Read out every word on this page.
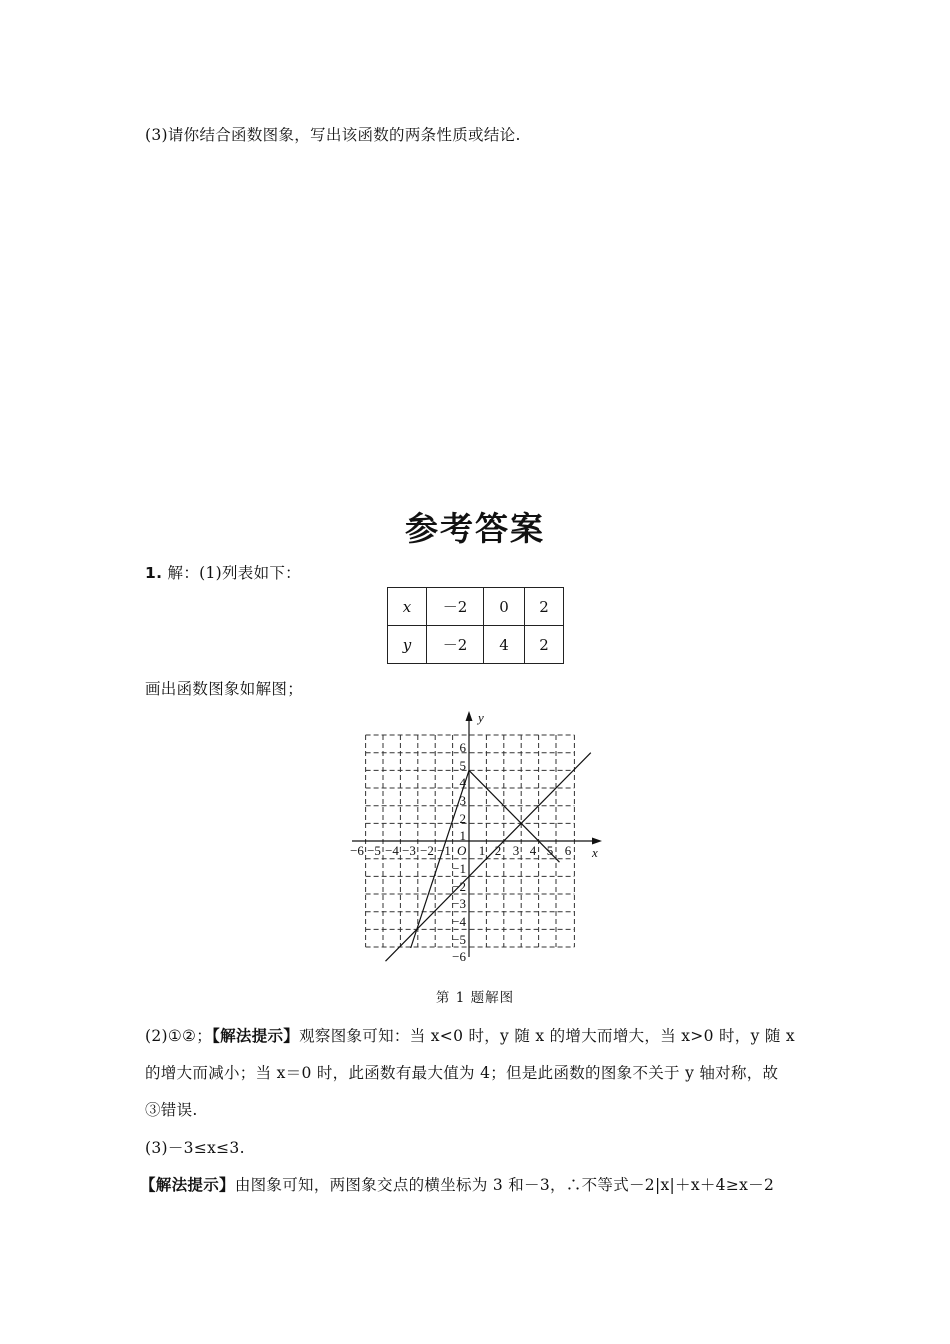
(3)请你结合函数图象，写出该函数的两条性质或结论.
参考答案
1. 解：(1)列表如下：
x	－2	0	2
y	－2	4	2
画出函数图象如解图；
y
x
O
−6 −5 −4 −3 −2 −1 1 2 3 4 5 6
6
5
4
3
2
1
−1
−2
−3
−4
−5
−6
第 1 题解图
(2)①②；【解法提示】观察图象可知：当 x<0 时，y 随 x 的增大而增大，当 x>0 时，y 随 x
的增大而减小；当 x＝0 时，此函数有最大值为 4；但是此函数的图象不关于 y 轴对称，故
③错误.
(3)－3≤x≤3.
【解法提示】由图象可知，两图象交点的横坐标为 3 和－3，∴不等式－2|x|＋x＋4≥x－2
